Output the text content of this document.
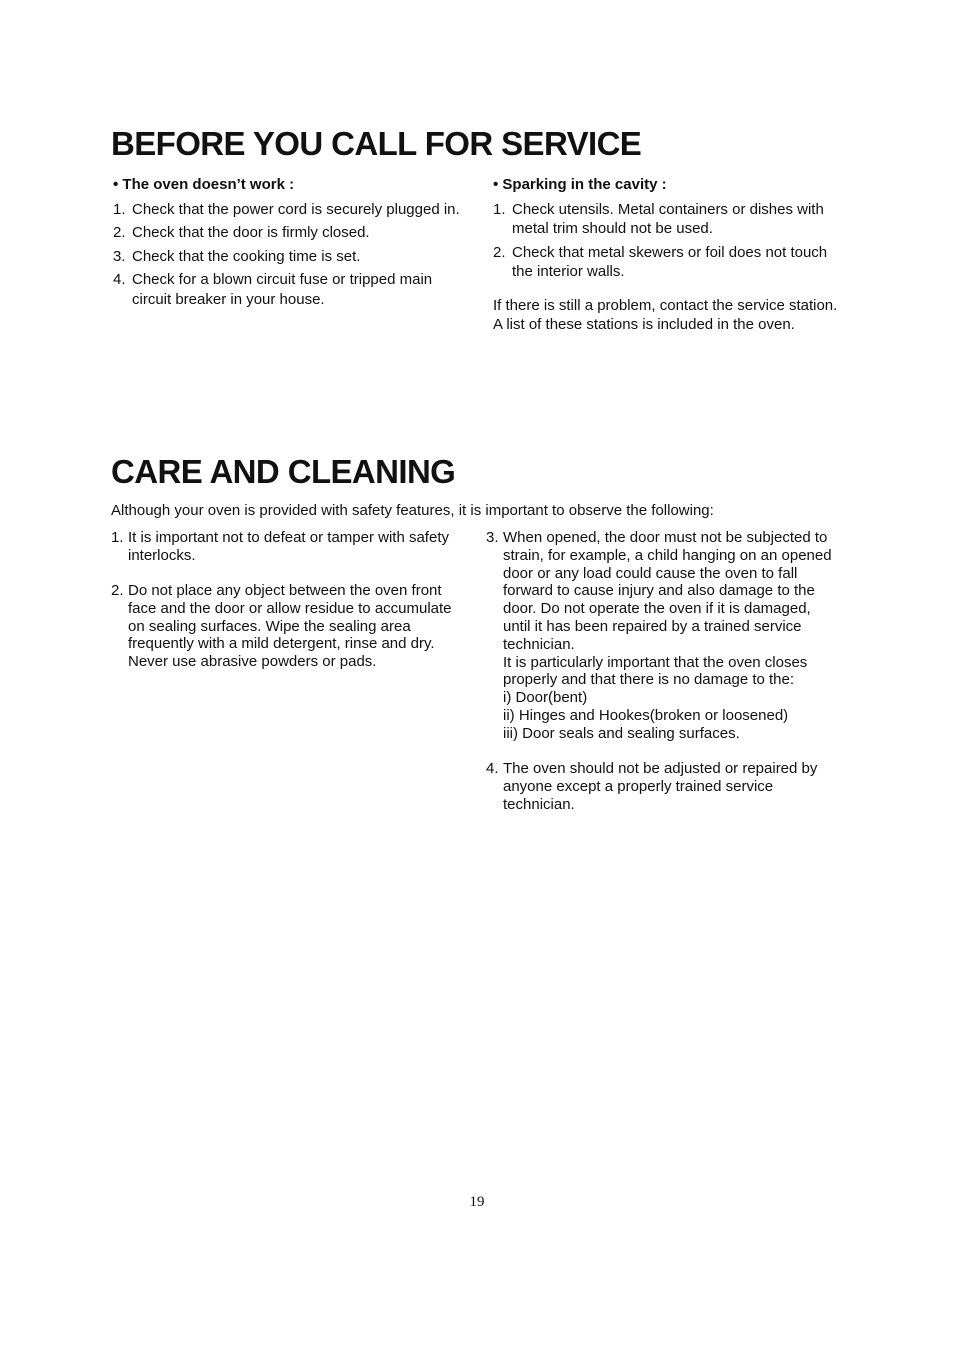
BEFORE YOU CALL FOR SERVICE

• The oven doesn’t work :

1. Check that the power cord is securely plugged in.
2. Check that the door is firmly closed.
3. Check that the cooking time is set.
4. Check for a blown circuit fuse or tripped main circuit breaker in your house.

• Sparking in the cavity :

1. Check utensils. Metal containers or dishes with metal trim should not be used.
2. Check that metal skewers or foil does not touch the interior walls.

If there is still a problem, contact the service station.

A list of these stations is included in the oven.

CARE AND CLEANING

Although your oven is provided with safety features, it is important to observe the following:

1. It is important not to defeat or tamper with safety interlocks.
2. Do not place any object between the oven front face and the door or allow residue to accumulate on sealing surfaces. Wipe the sealing area frequently with a mild detergent, rinse and dry. Never use abrasive powders or pads.
3. When opened, the door must not be subjected to strain, for example, a child hanging on an opened door or any load could cause the oven to fall forward to cause injury and also damage to the door. Do not operate the oven if it is damaged, until it has been repaired by a trained service technician.
It is particularly important that the oven closes properly and that there is no damage to the:
i) Door(bent)
ii) Hinges and Hookes(broken or loosened)
iii) Door seals and sealing surfaces.
4. The oven should not be adjusted or repaired by anyone except a properly trained service technician.
19
